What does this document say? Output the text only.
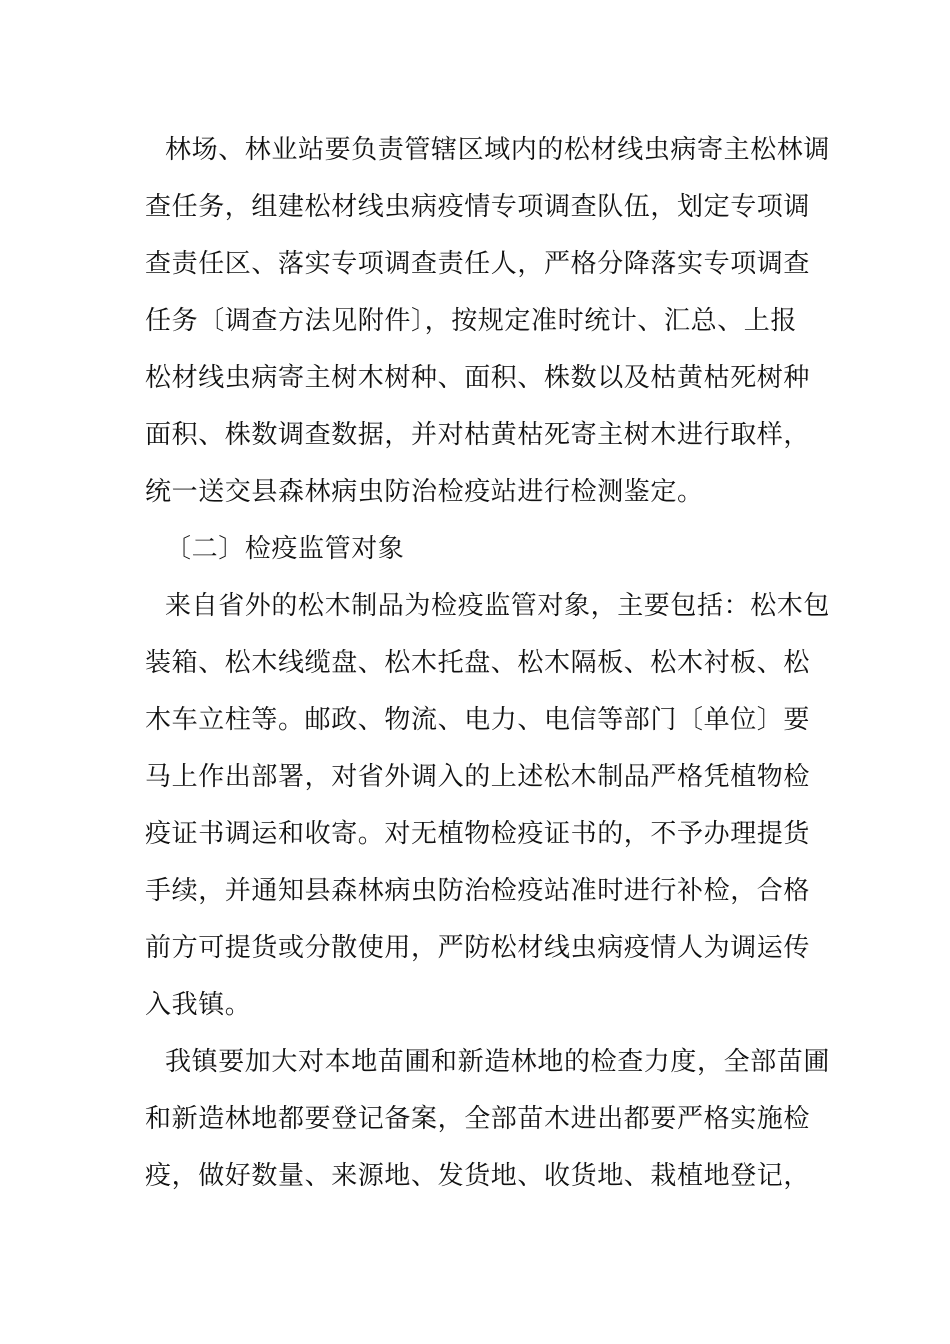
林场、林业站要负责管辖区域内的松材线虫病寄主松林调
查任务，组建松材线虫病疫情专项调查队伍，划定专项调
查责任区、落实专项调查责任人，严格分降落实专项调查
任务〔调查方法见附件〕，按规定准时统计、汇总、上报
松材线虫病寄主树木树种、面积、株数以及枯黄枯死树种
面积、株数调查数据，并对枯黄枯死寄主树木进行取样，
统一送交县森林病虫防治检疫站进行检测鉴定。
〔二〕检疫监管对象
来自省外的松木制品为检疫监管对象，主要包括：松木包
装箱、松木线缆盘、松木托盘、松木隔板、松木衬板、松
木车立柱等。邮政、物流、电力、电信等部门〔单位〕要
马上作出部署，对省外调入的上述松木制品严格凭植物检
疫证书调运和收寄。对无植物检疫证书的，不予办理提货
手续，并通知县森林病虫防治检疫站准时进行补检，合格
前方可提货或分散使用，严防松材线虫病疫情人为调运传
入我镇。
我镇要加大对本地苗圃和新造林地的检查力度，全部苗圃
和新造林地都要登记备案，全部苗木进出都要严格实施检
疫，做好数量、来源地、发货地、收货地、栽植地登记，
